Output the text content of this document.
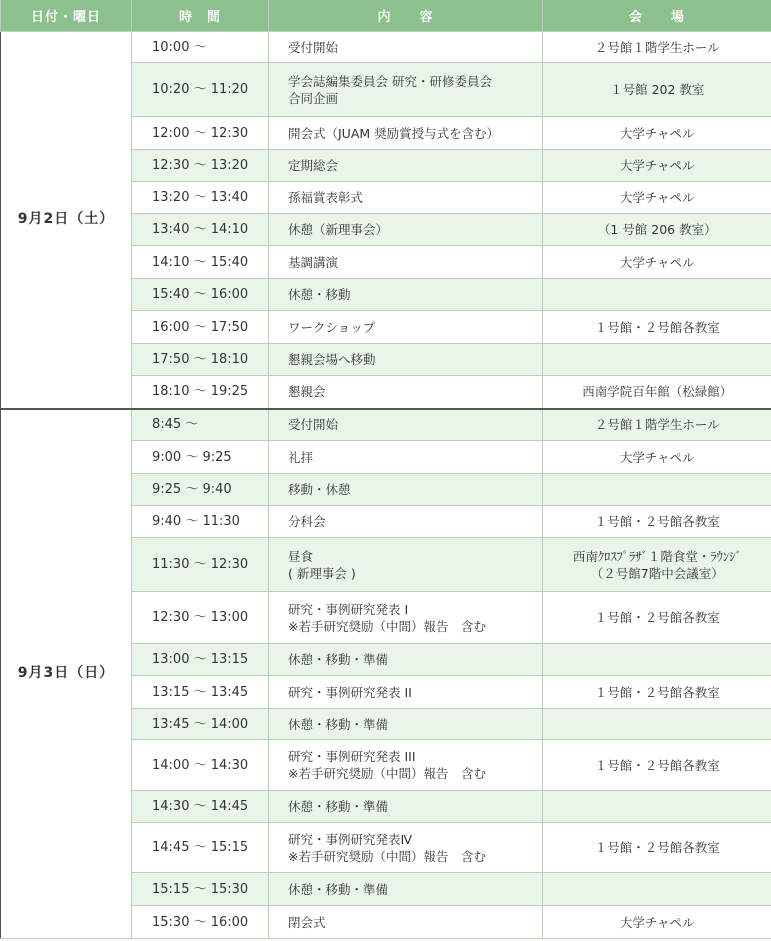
日付・曜日	時　間	内　　容	会　　場
9月2日（土）	10:00 〜	受付開始	２号館１階学生ホール

	10:20 〜 11:20	学会誌編集委員会 研究・研修委員会
合同企画	１号館 202 教室

	12:00 〜 12:30	開会式（JUAM 奨励賞授与式を含む）	大学チャペル

	12:30 〜 13:20	定期総会	大学チャペル

	13:20 〜 13:40	孫福賞表彰式	大学チャペル

	13:40 〜 14:10	休憩（新理事会）	（1 号館 206 教室）

	14:10 〜 15:40	基調講演	大学チャペル

	15:40 〜 16:00	休憩・移動	

	16:00 〜 17:50	ワークショップ	１号館・２号館各教室

	17:50 〜 18:10	懇親会場へ移動	

	18:10 〜 19:25	懇親会	西南学院百年館（松緑館）

9月3日（日）	8:45 〜	受付開始	２号館１階学生ホール

	9:00 〜 9:25	礼拝	大学チャペル

	9:25 〜 9:40	移動・休憩	

	9:40 〜 11:30	分科会	１号館・２号館各教室

	11:30 〜 12:30	昼食
( 新理事会 )	西南ｸﾛｽﾌﾟﾗｻﾞ１階食堂・ﾗｳﾝｼﾞ
（２号館7階中会議室）

	12:30 〜 13:00	研究・事例研究発表 I
※若手研究奨励（中間）報告　含む	１号館・２号館各教室

	13:00 〜 13:15	休憩・移動・準備	

	13:15 〜 13:45	研究・事例研究発表 II	１号館・２号館各教室

	13:45 〜 14:00	休憩・移動・準備	

	14:00 〜 14:30	研究・事例研究発表 III
※若手研究奨励（中間）報告　含む	１号館・２号館各教室

	14:30 〜 14:45	休憩・移動・準備	

	14:45 〜 15:15	研究・事例研究発表Ⅳ
※若手研究奨励（中間）報告　含む	１号館・２号館各教室

	15:15 〜 15:30	休憩・移動・準備	

	15:30 〜 16:00	閉会式	大学チャペル
